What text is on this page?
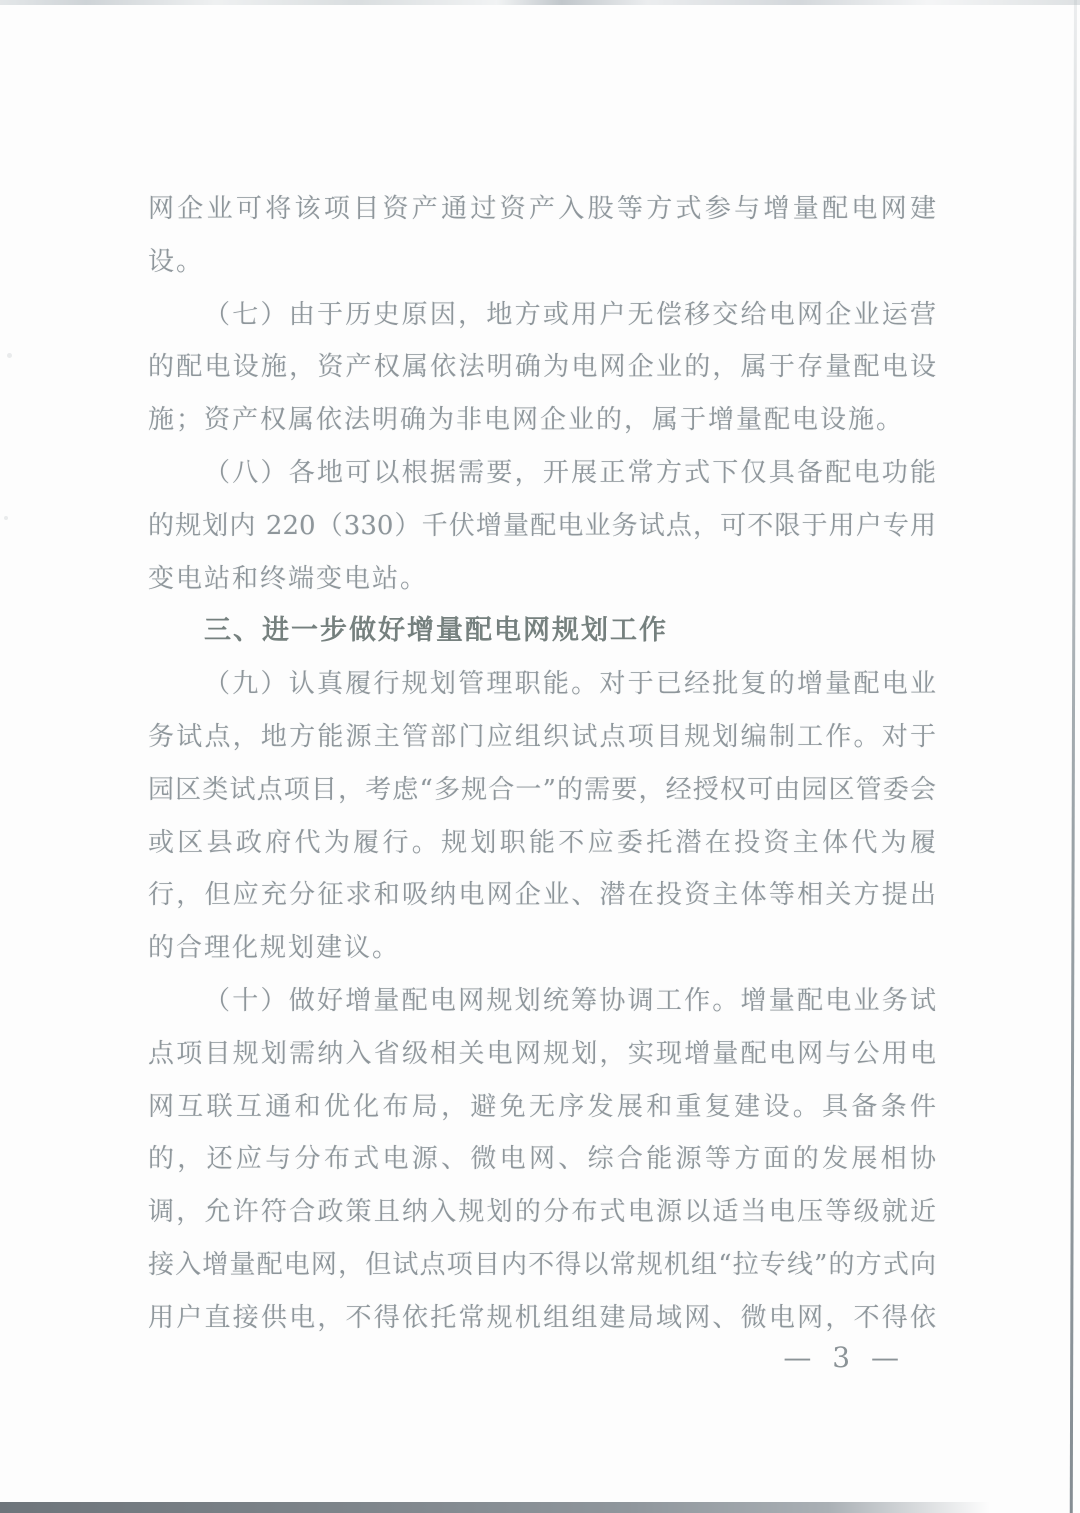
网企业可将该项目资产通过资产入股等方式参与增量配电网建

设。

（七）由于历史原因，地方或用户无偿移交给电网企业运营

的配电设施，资产权属依法明确为电网企业的，属于存量配电设

施；资产权属依法明确为非电网企业的，属于增量配电设施。

（八）各地可以根据需要，开展正常方式下仅具备配电功能

的规划内 220（330）千伏增量配电业务试点，可不限于用户专用

变电站和终端变电站。

三、进一步做好增量配电网规划工作

（九）认真履行规划管理职能。对于已经批复的增量配电业

务试点，地方能源主管部门应组织试点项目规划编制工作。对于

园区类试点项目，考虑“多规合一”的需要，经授权可由园区管委会

或区县政府代为履行。规划职能不应委托潜在投资主体代为履

行，但应充分征求和吸纳电网企业、潜在投资主体等相关方提出

的合理化规划建议。

（十）做好增量配电网规划统筹协调工作。增量配电业务试

点项目规划需纳入省级相关电网规划，实现增量配电网与公用电

网互联互通和优化布局，避免无序发展和重复建设。具备条件

的，还应与分布式电源、微电网、综合能源等方面的发展相协

调，允许符合政策且纳入规划的分布式电源以适当电压等级就近

接入增量配电网，但试点项目内不得以常规机组“拉专线”的方式向

用户直接供电，不得依托常规机组组建局域网、微电网，不得依

— 3 —
